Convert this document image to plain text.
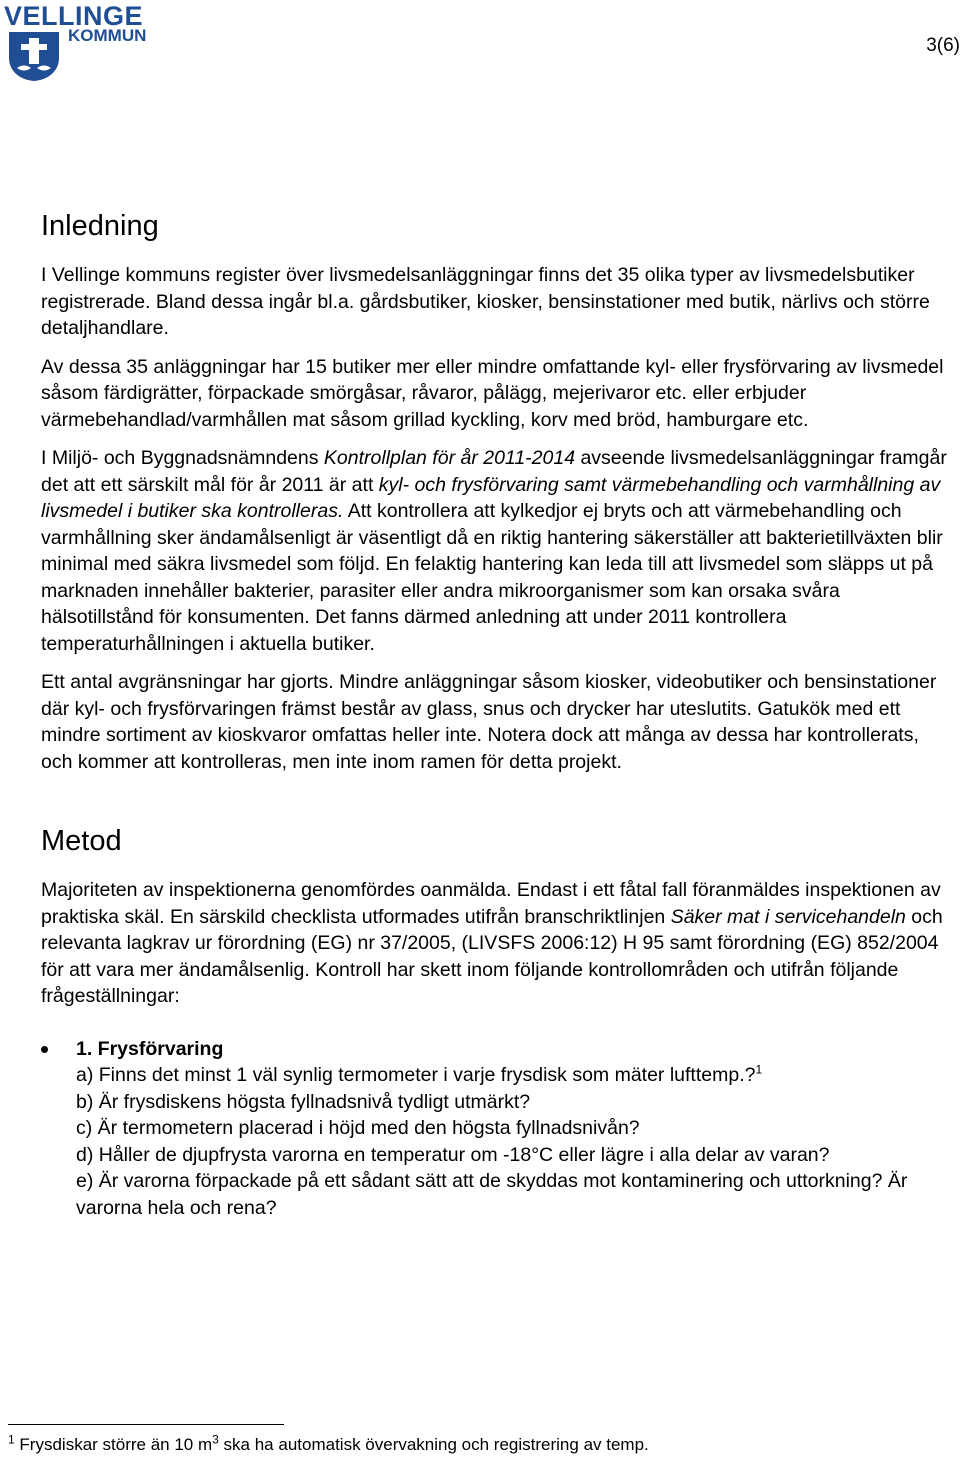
VELLINGE
KOMMUN	3(6)
Inledning

I Vellinge kommuns register över livsmedelsanläggningar finns det 35 olika typer av livsmedelsbutiker registrerade. Bland dessa ingår bl.a. gårdsbutiker, kiosker, bensinstationer med butik, närlivs och större detaljhandlare.

Av dessa 35 anläggningar har 15 butiker mer eller mindre omfattande kyl- eller frysförvaring av livsmedel såsom färdigrätter, förpackade smörgåsar, råvaror, pålägg, mejerivaror etc. eller erbjuder värmebehandlad/varmhållen mat såsom grillad kyckling, korv med bröd, hamburgare etc.

I Miljö- och Byggnadsnämndens Kontrollplan för år 2011-2014 avseende livsmedelsanläggningar framgår det att ett särskilt mål för år 2011 är att kyl- och frysförvaring samt värmebehandling och varmhållning av livsmedel i butiker ska kontrolleras. Att kontrollera att kylkedjor ej bryts och att värmebehandling och varmhållning sker ändamålsenligt är väsentligt då en riktig hantering säkerställer att bakterietillväxten blir minimal med säkra livsmedel som följd. En felaktig hantering kan leda till att livsmedel som släpps ut på marknaden innehåller bakterier, parasiter eller andra mikroorganismer som kan orsaka svåra hälsotillstånd för konsumenten. Det fanns därmed anledning att under 2011 kontrollera temperaturhållningen i aktuella butiker.

Ett antal avgränsningar har gjorts. Mindre anläggningar såsom kiosker, videobutiker och bensinstationer där kyl- och frysförvaringen främst består av glass, snus och drycker har uteslutits. Gatukök med ett mindre sortiment av kioskvaror omfattas heller inte. Notera dock att många av dessa har kontrollerats, och kommer att kontrolleras, men inte inom ramen för detta projekt.

Metod

Majoriteten av inspektionerna genomfördes oanmälda. Endast i ett fåtal fall föranmäldes inspektionen av praktiska skäl. En särskild checklista utformades utifrån branschriktlinjen Säker mat i servicehandeln och relevanta lagkrav ur förordning (EG) nr 37/2005, (LIVSFS 2006:12) H 95 samt förordning (EG) 852/2004 för att vara mer ändamålsenlig. Kontroll har skett inom följande kontrollområden och utifrån följande frågeställningar:

1. Frysförvaring

a) Finns det minst 1 väl synlig termometer i varje frysdisk som mäter lufttemp.?$^1$

b) Är frysdiskens högsta fyllnadsnivå tydligt utmärkt?

c) Är termometern placerad i höjd med den högsta fyllnadsnivån?

d) Håller de djupfrysta varorna en temperatur om -18°C eller lägre i alla delar av varan?

e) Är varorna förpackade på ett sådant sätt att de skyddas mot kontaminering och uttorkning? Är varorna hela och rena?

$^1$ Frysdiskar större än 10 $m^3$ ska ha automatisk övervakning och registrering av temp.
